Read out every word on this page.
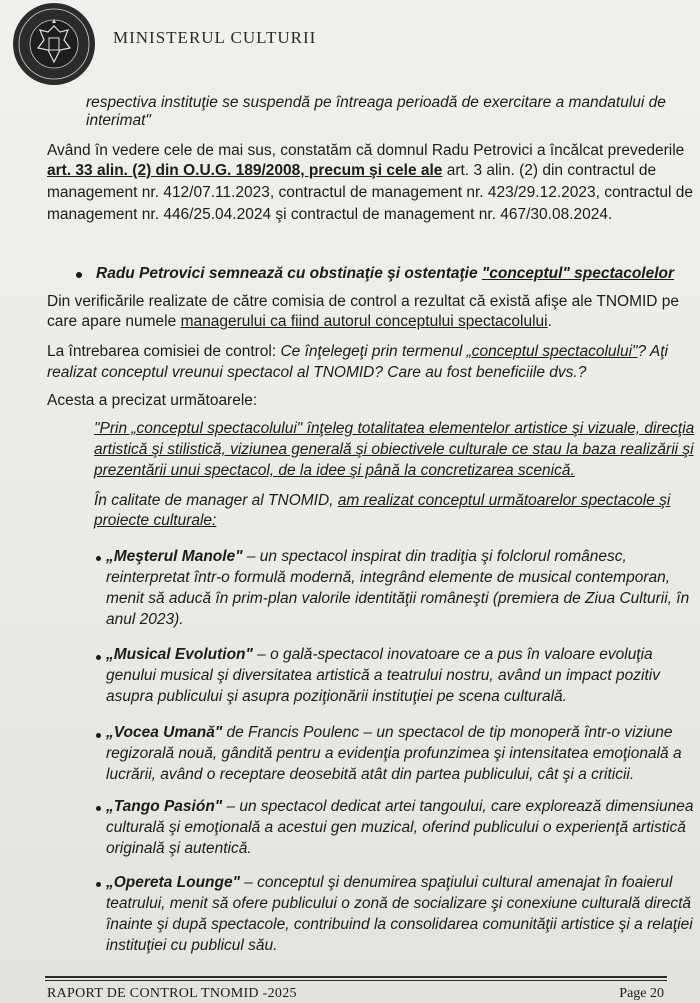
MINISTERUL CULTURII
respectiva instituţie se suspendă pe întreaga perioadă de exercitare a mandatului de
interimat"
Având în vedere cele de mai sus, constatăm că domnul Radu Petrovici a încălcat prevederile
art. 33 alin. (2) din O.U.G. 189/2008, precum şi cele ale art. 3 alin. (2) din contractul de
management nr. 412/07.11.2023, contractul de management nr. 423/29.12.2023, contractul de
management nr. 446/25.04.2024 şi contractul de management nr. 467/30.08.2024.
Radu Petrovici semnează cu obstinaţie şi ostentaţie "conceptul" spectacolelor
Din verificările realizate de către comisia de control a rezultat că există afişe ale TNOMID pe
care apare numele managerului ca fiind autorul conceptului spectacolului.
La întrebarea comisiei de control: Ce înţelegeţi prin termenul „conceptul spectacolului"? Aţi
realizat conceptul vreunui spectacol al TNOMID? Care au fost beneficiile dvs.?
Acesta a precizat următoarele:
"Prin „conceptul spectacolului" înţeleg totalitatea elementelor artistice şi vizuale, direcţia
artistică şi stilistică, viziunea generală şi obiectivele culturale ce stau la baza realizării şi
prezentării unui spectacol, de la idee şi până la concretizarea scenică.
În calitate de manager al TNOMID, am realizat conceptul următoarelor spectacole şi
proiecte culturale:
„Meşterul Manole" – un spectacol inspirat din tradiţia şi folclorul românesc,
reinterpretat într-o formulă modernă, integrând elemente de musical contemporan,
menit să aducă în prim-plan valorile identităţii româneşti (premiera de Ziua Culturii, în
anul 2023).
„Musical Evolution" – o gală-spectacol inovatoare ce a pus în valoare evoluţia
genului musical şi diversitatea artistică a teatrului nostru, având un impact pozitiv
asupra publicului şi asupra poziţionării instituţiei pe scena culturală.
„Vocea Umană" de Francis Poulenc – un spectacol de tip monoperă într-o viziune
regizorală nouă, gândită pentru a evidenţia profunzimea şi intensitatea emoţională a
lucrării, având o receptare deosebită atât din partea publicului, cât şi a criticii.
„Tango Pasión" – un spectacol dedicat artei tangoului, care explorează dimensiunea
culturală şi emoţională a acestui gen muzical, oferind publicului o experienţă artistică
originală şi autentică.
„Opereta Lounge" – conceptul şi denumirea spaţiului cultural amenajat în foaierul
teatrului, menit să ofere publicului o zonă de socializare şi conexiune culturală directă
înainte şi după spectacole, contribuind la consolidarea comunităţii artistice şi a relaţiei
instituţiei cu publicul său.
RAPORT DE CONTROL TNOMID -2025	Page 20
